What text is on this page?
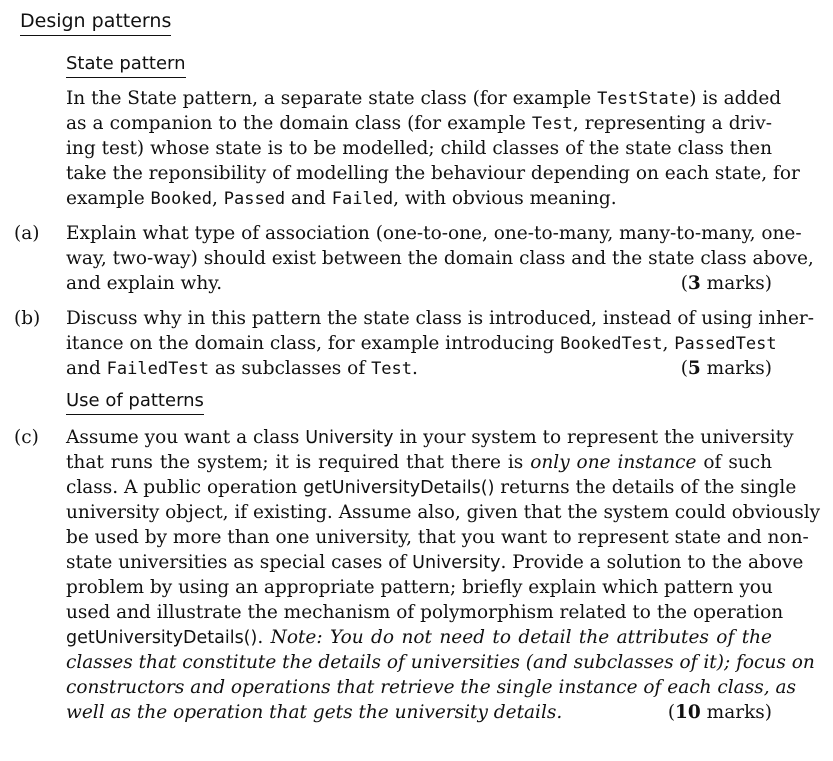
Design patterns
State pattern
In the State pattern, a separate state class (for example TestState) is added
as a companion to the domain class (for example Test, representing a driv-
ing test) whose state is to be modelled; child classes of the state class then
take the reponsibility of modelling the behaviour depending on each state, for
example Booked, Passed and Failed, with obvious meaning.
(a) Explain what type of association (one-to-one, one-to-many, many-to-many, one-
way, two-way) should exist between the domain class and the state class above,
and explain why.	(3 marks)
(b) Discuss why in this pattern the state class is introduced, instead of using inher-
itance on the domain class, for example introducing BookedTest, PassedTest
and FailedTest as subclasses of Test.	(5 marks)
Use of patterns
(c) Assume you want a class University in your system to represent the university
that runs the system; it is required that there is only one instance of such
class. A public operation getUniversityDetails() returns the details of the single
university object, if existing. Assume also, given that the system could obviously
be used by more than one university, that you want to represent state and non-
state universities as special cases of University. Provide a solution to the above
problem by using an appropriate pattern; briefly explain which pattern you
used and illustrate the mechanism of polymorphism related to the operation
getUniversityDetails(). Note: You do not need to detail the attributes of the
classes that constitute the details of universities (and subclasses of it); focus on
constructors and operations that retrieve the single instance of each class, as
well as the operation that gets the university details.	(10 marks)
